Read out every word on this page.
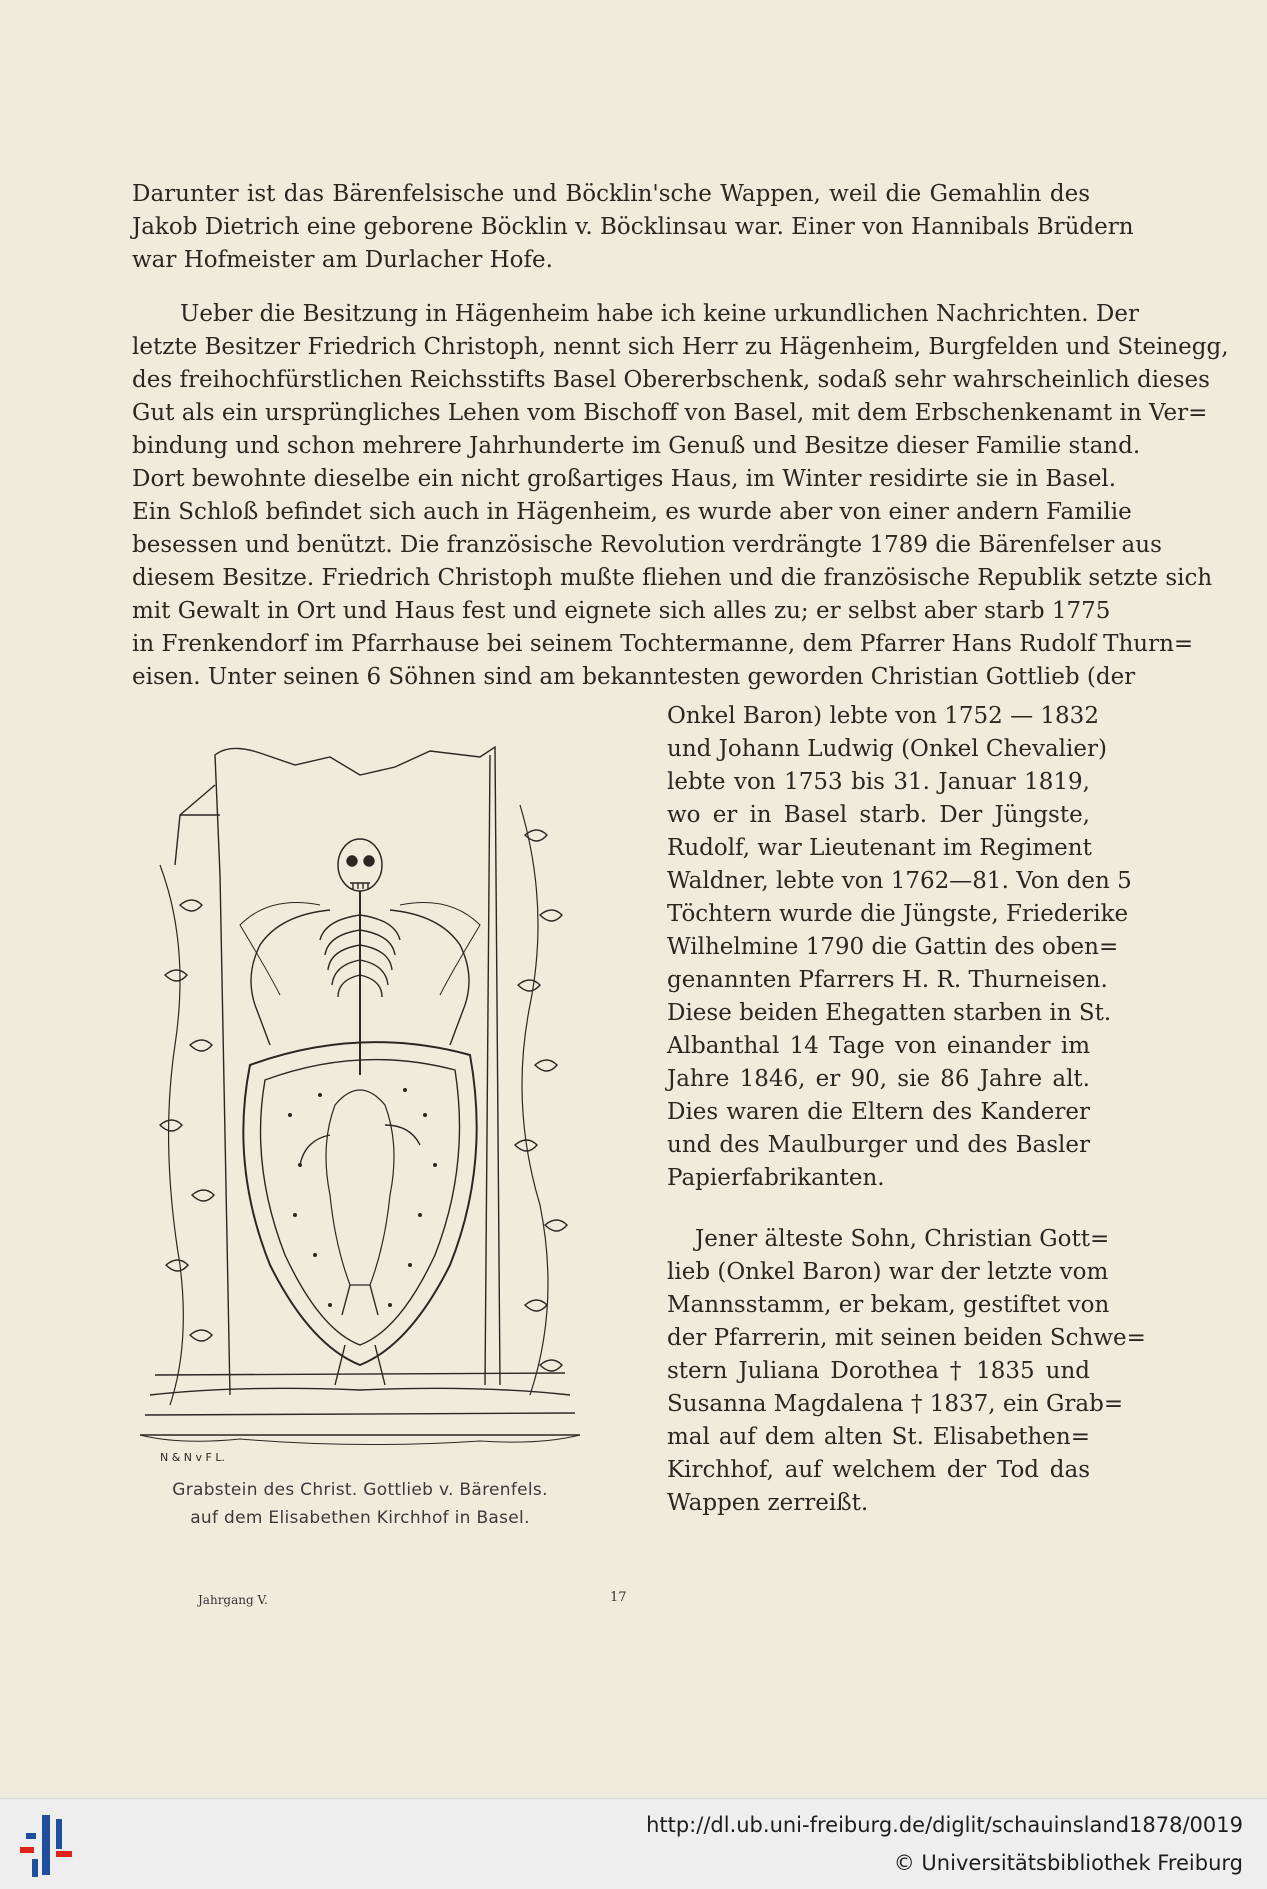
Darunter ist das Bärenfelsische und Böcklin'sche Wappen, weil die Gemahlin des
Jakob Dietrich eine geborene Böcklin v. Böcklinsau war. Einer von Hannibals Brüdern
war Hofmeister am Durlacher Hofe.
Ueber die Besitzung in Hägenheim habe ich keine urkundlichen Nachrichten. Der
letzte Besitzer Friedrich Christoph, nennt sich Herr zu Hägenheim, Burgfelden und Steinegg,
des freihochfürstlichen Reichsstifts Basel Obererbschenk, sodaß sehr wahrscheinlich dieses
Gut als ein ursprüngliches Lehen vom Bischoff von Basel, mit dem Erbschenkenamt in Ver=
bindung und schon mehrere Jahrhunderte im Genuß und Besitze dieser Familie stand.
Dort bewohnte dieselbe ein nicht großartiges Haus, im Winter residirte sie in Basel.
Ein Schloß befindet sich auch in Hägenheim, es wurde aber von einer andern Familie
besessen und benützt. Die französische Revolution verdrängte 1789 die Bärenfelser aus
diesem Besitze. Friedrich Christoph mußte fliehen und die französische Republik setzte sich
mit Gewalt in Ort und Haus fest und eignete sich alles zu; er selbst aber starb 1775
in Frenkendorf im Pfarrhause bei seinem Tochtermanne, dem Pfarrer Hans Rudolf Thurn=
eisen. Unter seinen 6 Söhnen sind am bekanntesten geworden Christian Gottlieb (der
Onkel Baron) lebte von 1752 — 1832
und Johann Ludwig (Onkel Chevalier)
lebte von 1753 bis 31. Januar 1819,
wo er in Basel starb. Der Jüngste,
Rudolf, war Lieutenant im Regiment
Waldner, lebte von 1762—81. Von den 5
Töchtern wurde die Jüngste, Friederike
Wilhelmine 1790 die Gattin des oben=
genannten Pfarrers H. R. Thurneisen.
Diese beiden Ehegatten starben in St.
Albanthal 14 Tage von einander im
Jahre 1846, er 90, sie 86 Jahre alt.
Dies waren die Eltern des Kanderer
und des Maulburger und des Basler
Papierfabrikanten.
Jener älteste Sohn, Christian Gott=
lieb (Onkel Baron) war der letzte vom
Mannsstamm, er bekam, gestiftet von
der Pfarrerin, mit seinen beiden Schwe=
stern Juliana Dorothea † 1835 und
Susanna Magdalena † 1837, ein Grab=
mal auf dem alten St. Elisabethen=
Kirchhof, auf welchem der Tod das
Wappen zerreißt.
N & N v F L.
Grabstein des Christ. Gottlieb v. Bärenfels.
auf dem Elisabethen Kirchhof in Basel.
Jahrgang V.	17
http://dl.ub.uni-freiburg.de/diglit/schauinsland1878/0019
© Universitätsbibliothek Freiburg
